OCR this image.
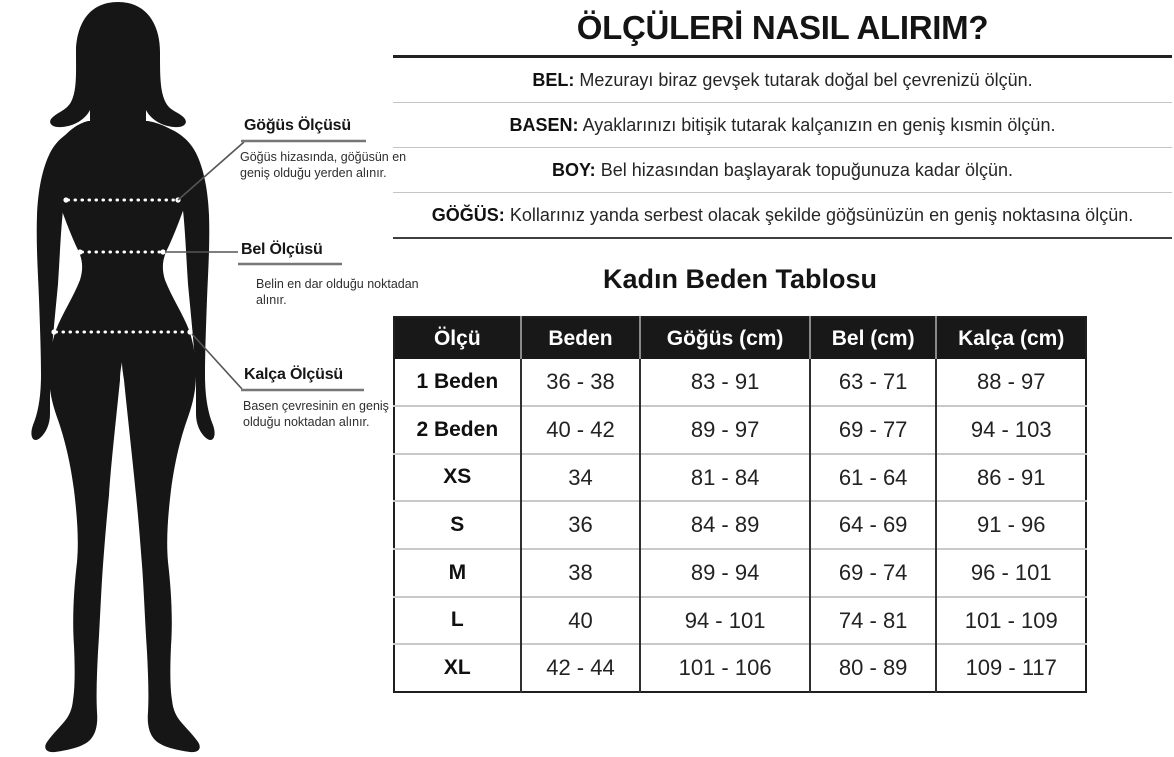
Göğüs Ölçüsü
Göğüs hizasında, göğüsün en geniş olduğu yerden alınır.
Bel Ölçüsü
Belin en dar olduğu noktadan alınır.
Kalça Ölçüsü
Basen çevresinin en geniş olduğu noktadan alınır.
ÖLÇÜLERİ NASIL ALIRIM?
BEL: Mezurayı biraz gevşek tutarak doğal bel çevrenizü ölçün.
BASEN: Ayaklarınızı bitişik tutarak kalçanızın en geniş kısmin ölçün.
BOY: Bel hizasından başlayarak topuğunuza kadar ölçün.
GÖĞÜS: Kollarınız yanda serbest olacak şekilde göğsünüzün en geniş noktasına ölçün.
Kadın Beden Tablosu
Ölçü	Beden	Göğüs (cm)	Bel (cm)	Kalça (cm)
1 Beden	36 - 38	83 - 91	63 - 71	88 - 97
2 Beden	40 - 42	89 - 97	69 - 77	94 - 103
XS	34	81 - 84	61 - 64	86 - 91
S	36	84 - 89	64 - 69	91 - 96
M	38	89 - 94	69 - 74	96 - 101
L	40	94 - 101	74 - 81	101 - 109
XL	42 - 44	101 - 106	80 - 89	109 - 117
